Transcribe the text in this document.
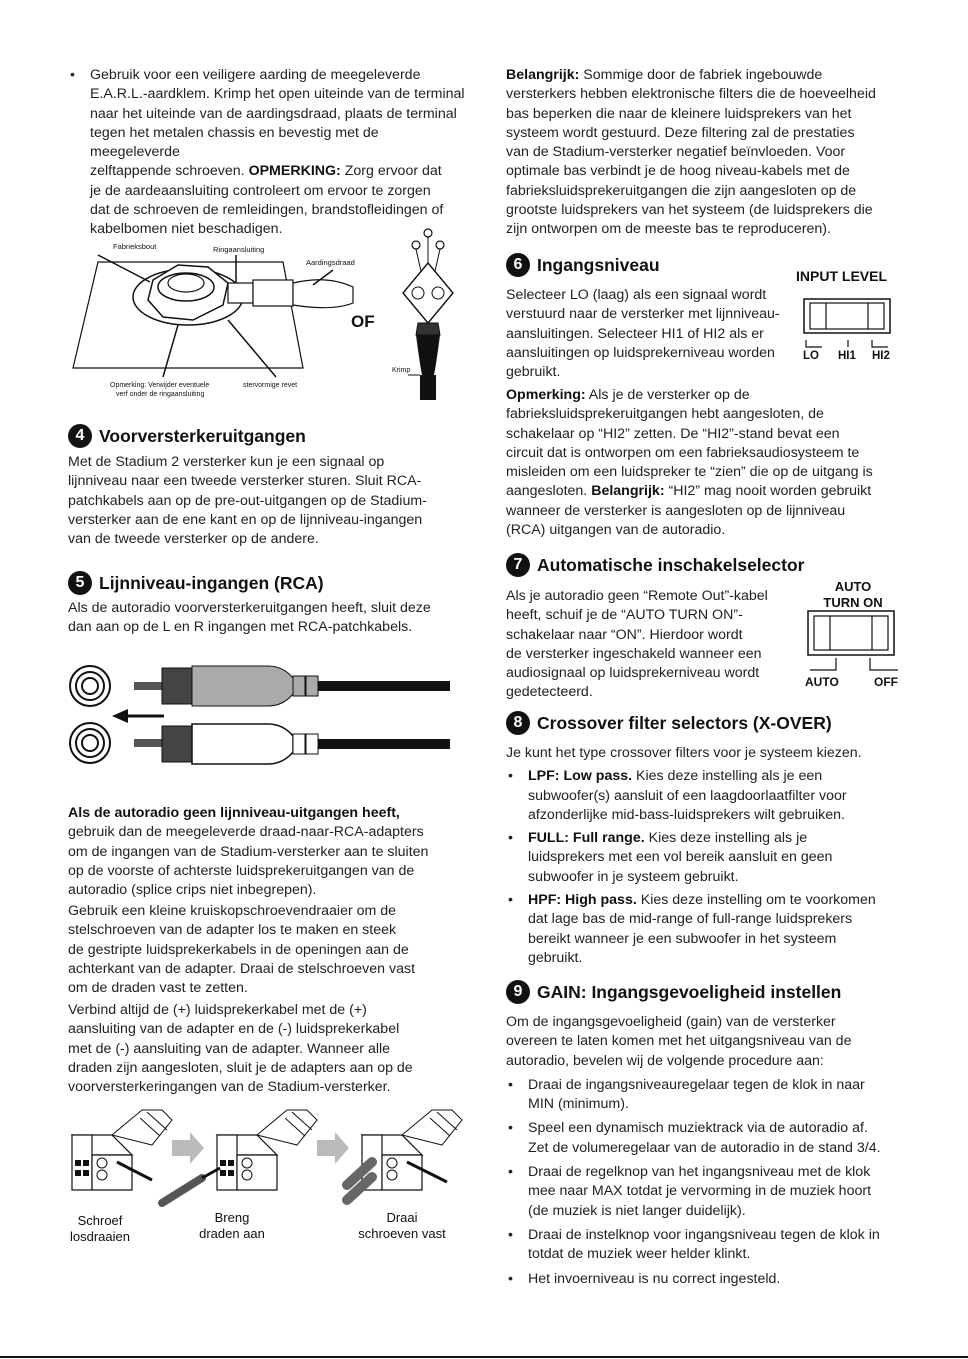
• Gebruik voor een veiligere aarding de meegeleverde

E.A.R.L.-aardklem. Krimp het open uiteinde van de terminal

naar het uiteinde van de aardingsdraad, plaats de terminal

tegen het metalen chassis en bevestig met de meegeleverde

zelftappende schroeven. OPMERKING: Zorg ervoor dat

je de aardeaansluiting controleert om ervoor te zorgen

dat de schroeven de remleidingen, brandstofleidingen of

kabelbomen niet beschadigen.

Fabrieksbout	Ringaansluiting
Aardingsdraad
OF
Opmerking: Verwijder eventuele
verf onder de ringaansluiting
stervormige revet
Krimp
4 Voorversterkeruitgangen

Met de Stadium 2 versterker kun je een signaal op

lijnniveau naar een tweede versterker sturen. Sluit RCA-

patchkabels aan op de pre-out-uitgangen op de Stadium-

versterker aan de ene kant en op de lijnniveau-ingangen

van de tweede versterker op de andere.

5 Lijnniveau-ingangen (RCA)

Als de autoradio voorversterkeruitgangen heeft, sluit deze

dan aan op de L en R ingangen met RCA-patchkabels.

Als de autoradio geen lijnniveau-uitgangen heeft,

gebruik dan de meegeleverde draad-naar-RCA-adapters

om de ingangen van de Stadium-versterker aan te sluiten

op de voorste of achterste luidsprekeruitgangen van de

autoradio (splice crips niet inbegrepen).

Gebruik een kleine kruiskopschroevendraaier om de

stelschroeven van de adapter los te maken en steek

de gestripte luidsprekerkabels in de openingen aan de

achterkant van de adapter. Draai de stelschroeven vast

om de draden vast te zetten.

Verbind altijd de (+) luidsprekerkabel met de (+)

aansluiting van de adapter en de (-) luidsprekerkabel

met de (-) aansluiting van de adapter. Wanneer alle

draden zijn aangesloten, sluit je de adapters aan op de

voorversterkeringangen van de Stadium-versterker.

Schroef
losdraaien
Breng
draden aan
Draai
schroeven vast

Belangrijk: Sommige door de fabriek ingebouwde

versterkers hebben elektronische filters die de hoeveelheid

bas beperken die naar de kleinere luidsprekers van het

systeem wordt gestuurd. Deze filtering zal de prestaties

van de Stadium-versterker negatief beïnvloeden. Voor

optimale bas verbindt je de hoog niveau-kabels met de

fabrieksluidsprekeruitgangen die zijn aangesloten op de

grootste luidsprekers van het systeem (de luidsprekers die

zijn ontworpen om de meeste bas te reproduceren).

6 Ingangsniveau

Selecteer LO (laag) als een signaal wordt

verstuurd naar de versterker met lijnniveau-

aansluitingen. Selecteer HI1 of HI2 als er

aansluitingen op luidsprekerniveau worden

gebruikt.

INPUT LEVEL
LO HI1 HI2

Opmerking: Als je de versterker op de

fabrieksluidsprekeruitgangen hebt aangesloten, de

schakelaar op “HI2” zetten. De “HI2”-stand bevat een

circuit dat is ontworpen om een fabrieksaudiosysteem te

misleiden om een luidspreker te “zien” die op de uitgang is

aangesloten. Belangrijk: “HI2” mag nooit worden gebruikt

wanneer de versterker is aangesloten op de lijnniveau

(RCA) uitgangen van de autoradio.

7 Automatische inschakelselector

Als je autoradio geen “Remote Out”-kabel

heeft, schuif je de “AUTO TURN ON”-

schakelaar naar “ON”. Hierdoor wordt

de versterker ingeschakeld wanneer een

audiosignaal op luidsprekerniveau wordt

gedetecteerd.

AUTO
TURN ON
AUTO	OFF
8 Crossover filter selectors (X-OVER)

Je kunt het type crossover filters voor je systeem kiezen.

• LPF: Low pass. Kies deze instelling als je een

subwoofer(s) aansluit of een laagdoorlaatfilter voor

afzonderlijke mid-bass-luidsprekers wilt gebruiken.

• FULL: Full range. Kies deze instelling als je

luidsprekers met een vol bereik aansluit en geen

subwoofer in je systeem gebruikt.

• HPF: High pass. Kies deze instelling om te voorkomen

dat lage bas de mid-range of full-range luidsprekers

bereikt wanneer je een subwoofer in het systeem

gebruikt.

9 GAIN: Ingangsgevoeligheid instellen

Om de ingangsgevoeligheid (gain) van de versterker

overeen te laten komen met het uitgangsniveau van de

autoradio, bevelen wij de volgende procedure aan:

• Draai de ingangsniveauregelaar tegen de klok in naar

MIN (minimum).

• Speel een dynamisch muziektrack via de autoradio af.

Zet de volumeregelaar van de autoradio in de stand 3/4.

• Draai de regelknop van het ingangsniveau met de klok

mee naar MAX totdat je vervorming in de muziek hoort

(de muziek is niet langer duidelijk).

• Draai de instelknop voor ingangsniveau tegen de klok in

totdat de muziek weer helder klinkt.

• Het invoerniveau is nu correct ingesteld.
